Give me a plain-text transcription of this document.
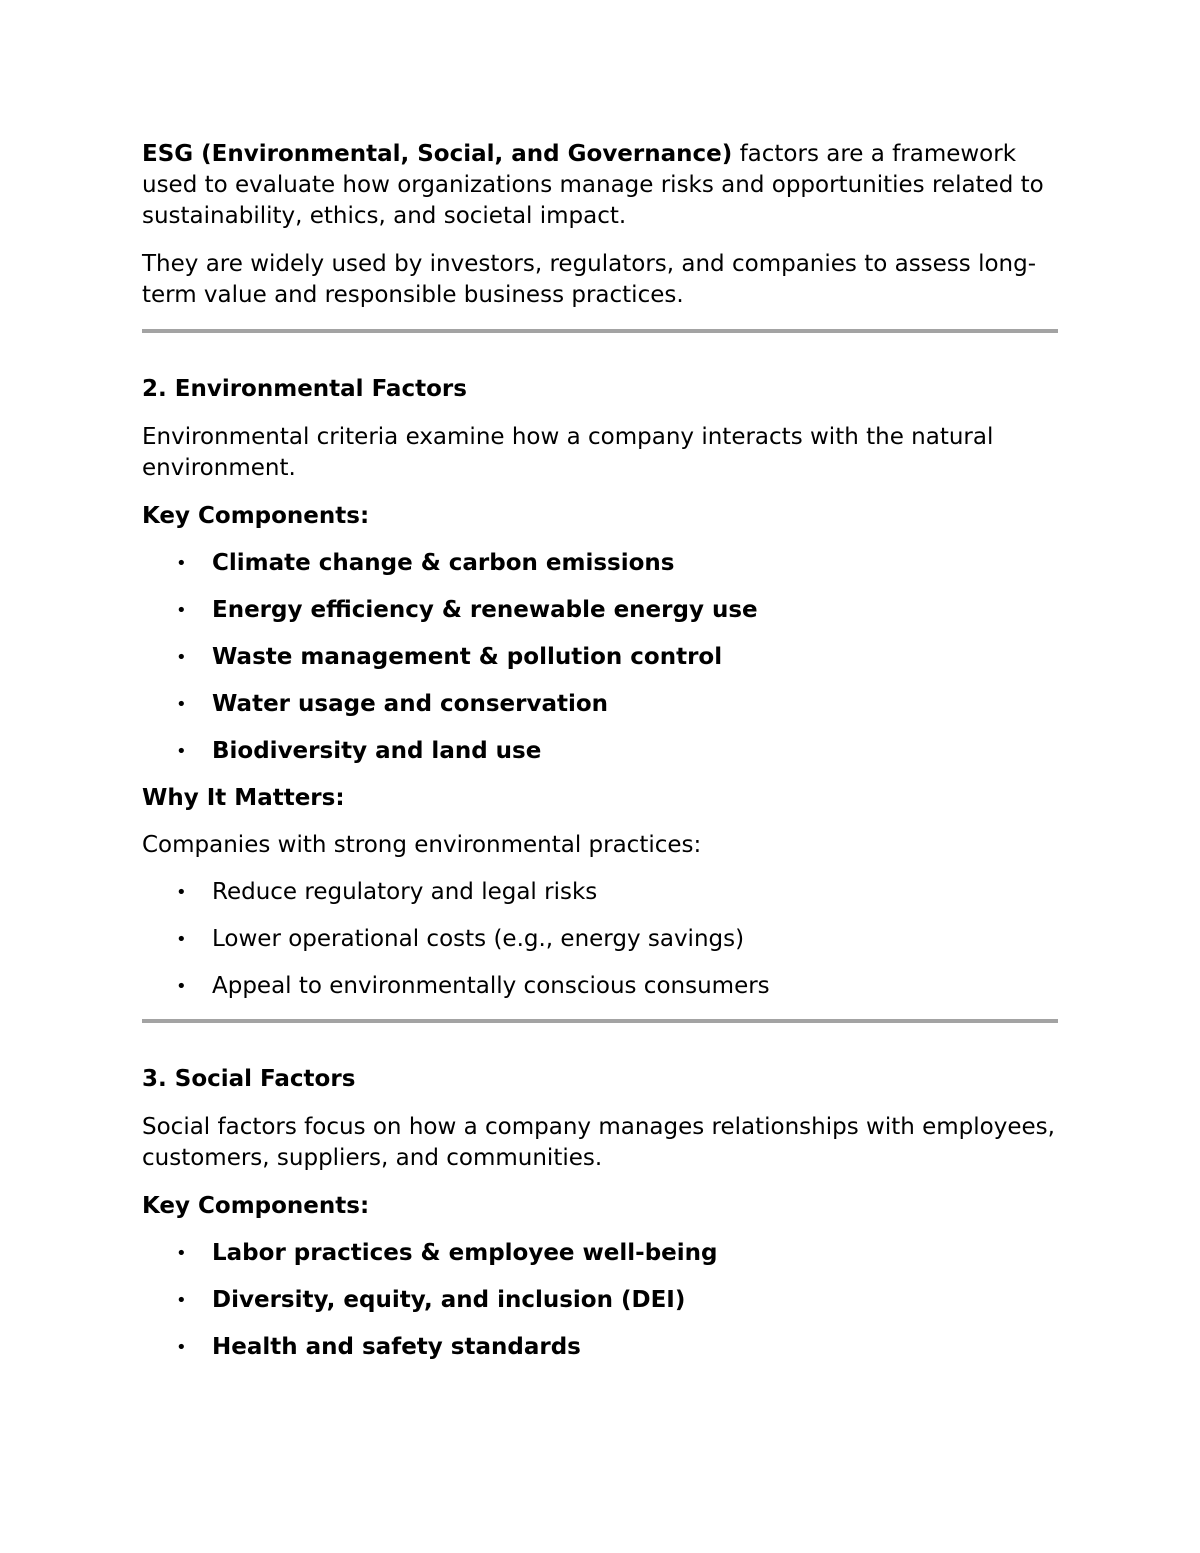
ESG (Environmental, Social, and Governance) factors are a framework used to evaluate how organizations manage risks and opportunities related to sustainability, ethics, and societal impact.

They are widely used by investors, regulators, and companies to assess long-term value and responsible business practices.

2. Environmental Factors

Environmental criteria examine how a company interacts with the natural environment.

Key Components:

• Climate change & carbon emissions
• Energy efficiency & renewable energy use
• Waste management & pollution control
• Water usage and conservation
• Biodiversity and land use

Why It Matters:

Companies with strong environmental practices:

• Reduce regulatory and legal risks
• Lower operational costs (e.g., energy savings)
• Appeal to environmentally conscious consumers
3. Social Factors

Social factors focus on how a company manages relationships with employees, customers, suppliers, and communities.

Key Components:

• Labor practices & employee well-being
• Diversity, equity, and inclusion (DEI)
• Health and safety standards
